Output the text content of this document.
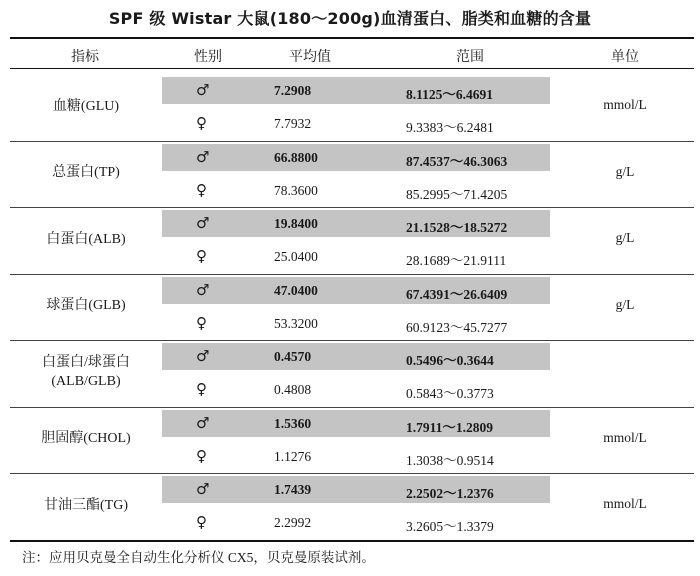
SPF 级 Wistar 大鼠(180～200g)血清蛋白、脂类和血糖的含量
指标	性别	平均值	范围	单位
血糖(GLU)	mmol/L
♂	7.2908	8.1125～6.4691
♀	7.7932	9.3383～6.2481
总蛋白(TP)	g/L
♂	66.8800	87.4537～46.3063
♀	78.3600	85.2995～71.4205
白蛋白(ALB)	g/L
♂	19.8400	21.1528～18.5272
♀	25.0400	28.1689～21.9111
球蛋白(GLB)	g/L
♂	47.0400	67.4391～26.6409
♀	53.3200	60.9123～45.7277
白蛋白/球蛋白
(ALB/GLB)
♂	0.4570	0.5496～0.3644
♀	0.4808	0.5843～0.3773
胆固醇(CHOL)	mmol/L
♂	1.5360	1.7911～1.2809
♀	1.1276	1.3038～0.9514
甘油三酯(TG)	mmol/L
♂	1.7439	2.2502～1.2376
♀	2.2992	3.2605～1.3379
注：应用贝克曼全自动生化分析仪 CX5，贝克曼原装试剂。
